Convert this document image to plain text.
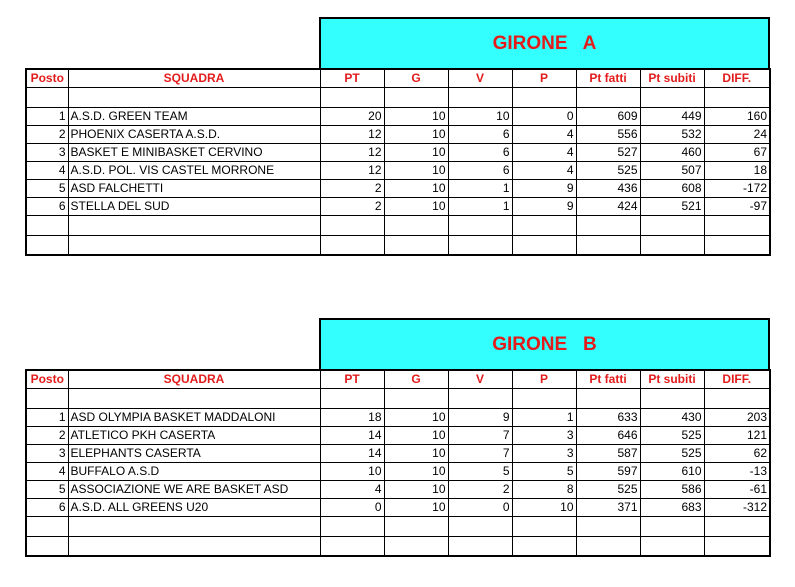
GIRONE   A
Posto	SQUADRA	PT	G	V	P	Pt fatti	Pt subiti	DIFF.

1	A.S.D. GREEN TEAM	20	10	10	0	609	449	160
2	PHOENIX CASERTA A.S.D.	12	10	6	4	556	532	24
3	BASKET E MINIBASKET CERVINO	12	10	6	4	527	460	67
4	A.S.D. POL. VIS CASTEL MORRONE	12	10	6	4	525	507	18
5	ASD FALCHETTI	2	10	1	9	436	608	-172
6	STELLA DEL SUD	2	10	1	9	424	521	-97

GIRONE   B
Posto	SQUADRA	PT	G	V	P	Pt fatti	Pt subiti	DIFF.

1	ASD OLYMPIA BASKET MADDALONI	18	10	9	1	633	430	203
2	ATLETICO PKH CASERTA	14	10	7	3	646	525	121
3	ELEPHANTS CASERTA	14	10	7	3	587	525	62
4	BUFFALO A.S.D	10	10	5	5	597	610	-13
5	ASSOCIAZIONE WE ARE BASKET ASD	4	10	2	8	525	586	-61
6	A.S.D. ALL GREENS U20	0	10	0	10	371	683	-312
